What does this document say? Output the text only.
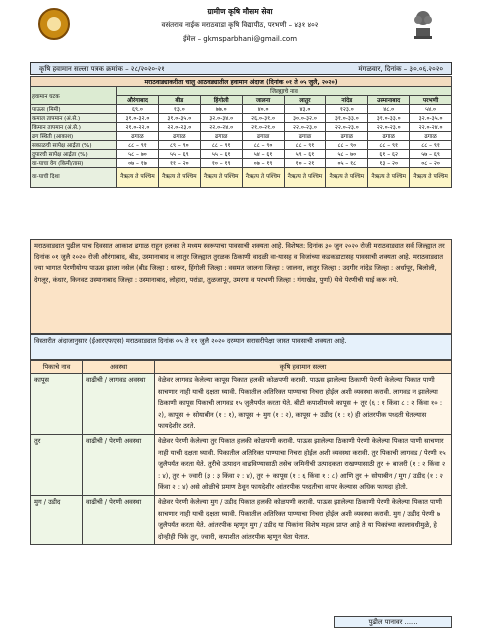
ग्रामीण कृषि मौसम सेवा
वसंतराव नाईक मराठवाडा कृषि विद्यापीठ, परभणी – ४३१ ४०२
ईमेल – gkmsparbhani@gmail.com
कृषि हवामान सल्ला पत्रक क्रमांक – २८/२०२०-२१	मंगळवार, दिनांक – ३०.०६.२०२०
मराठवाड्याकरीता चालु आठवड्यातील हवामान अंदाज (दिनांक ०१ ते ०५ जुलै, २०२०)								
हवामान घटक	जिल्ह्याचे नाव							
	औरंगाबाद	बीड	हिंगोली	जालना	लातुर	नांदेड	उस्मानाबाद	परभणी
पाऊस (मिमी)	६९.०	१३.०	७७.०	४०.०	४३.०	१२३.०	४८.०	५४.०
कमाल तापमान (अं.से.)	३१.०-३२.०	३१.०-३५.०	३२.०-३४.०	२६.०-३१.०	३०.०-३२.०	३१.०-३३.०	३१.०-३३.०	३२.०-३५.०
किमान तापमान (अं.से.)	२१.०-२२.०	२२.०-२३.०	२२.०-२४.०	२१.०-२१.०	२२.०-२३.०	२२.०-२३.०	२२.०-२३.०	२२.०-२४.०
ढग स्थिती (आकाश)	ढगाळ	ढगाळ	ढगाळ	ढगाळ	ढगाळ	ढगाळ	ढगाळ	ढगाळ
सकाळची सापेक्ष आर्द्रता (%)	८८ – ९१	८९ – ९०	८८ – ९१	८८ – ९०	८८ – ९१	८८ – ९०	८८ – ९१	८८ – ९१
दुपारची सापेक्ष आर्द्रता (%)	५८ – ७०	५५ – ६९	५५ – ६१	५४ – ६१	५९ – ६१	५८ – ७०	६१ – ६२	५७ – ६९
वा-याचा वेग (किमी/तास)	०७ – १७	११ – २०	१० – १९	०७ – १९	१० – २१	०५ – १८	१३ – २०	०८ – २०
वा-याची दिशा	नैऋत्य ते पश्चिम	नैऋत्य ते पश्चिम	नैऋत्य ते पश्चिम	नैऋत्य ते पश्चिम	नैऋत्य ते पश्चिम	नैऋत्य ते पश्चिम	नैऋत्य ते पश्चिम	नैऋत्य ते पश्चिम
मराठवाड्यात पुढील पाच दिवसात आकाश ढगाळ राहून हलका ते मध्यम स्वरूपाचा पावसाची शक्यता आहे. विशेषत: दिनांक ३० जुन २०२० रोजी मराठवाड्यात सर्व जिल्ह्यात तर दिनांक ०१ जुलै २०२० रोजी औरंगाबाद, बीड, उस्मानाबाद व लातुर जिल्ह्यात तुरळक ठिकाणी वादळी वा-यासह व विजांच्या कडकडाटासह पावसाची शक्यता आहे. मराठवाड्यात ज्या भागात पेरणीयोग्य पाऊस झाला नसेल (बीड जिल्हा : धारूर, हिंगोली जिल्हा : वसमत जालना जिल्हा : जालना, लातुर जिल्हा : उदगीर नांदेड जिल्हा : अर्धापूर, बिलोली, देगलूर, कंधार, किनवट उस्मानाबाद जिल्हा : उस्मानाबाद, लोहारा, परांडा, तुळजापूर, उमरगा व परभणी जिल्हा : गंगाखेड, पुर्णा) येथे पेरणीची घाई करू नये.
विस्तारीत अंदाजानुसार (ईआरएफएस) मराठवाड्यात दिनांक ०५ ते ११ जुलै २०२० दरम्यान सरासरीपेक्षा जास्त पावसाची शक्यता आहे.
पिकाचे नाव	अवस्था	कृषि हवामान सल्ला
कापूस	वाढीची / लागवड अवस्था	वेळेवर लागवड केलेल्या कापूस पिकात हलकी कोळपणी करावी. पाऊस झालेल्या ठिकाणी पेरणी केलेल्या पिकात पाणी साचणार नाही याची दक्षता घ्यावी. पिकातील अतिरिक्त पाण्याचा निचरा होईल अशी व्यवस्था करावी. लागवड न झालेल्या ठिकाणी कापूस पिकाची लागवड १५ जुलैपर्यंत करता येते. बीटी कपाशीमध्ये कापूस + तूर (६ : १ किंवा ८ : २ किंवा १० : २), कापूस + सोयाबीन (१ : १), कापूस + मुग (१ : २), कापूस + उडीद (१ : १) ही आंतरपीक पध्दती घेतल्यास फायदेशीर ठरते.
तुर	वाढीची / पेरणी अवस्था	वेळेवर पेरणी केलेल्या तुर पिकात हलकी कोळपणी करावी. पाऊस झालेल्या ठिकाणी पेरणी केलेल्या पिकात पाणी साचणार नाही याची दक्षता घ्यावी. पिकातील अतिरिक्त पाण्याचा निचरा होईल अशी व्यवस्था करावी. तुर पिकाची लागवड / पेरणी १५ जुलैपर्यंत करता येते. तुरीचे उत्पादन वाढविण्यासाठी तसेच जमिनीची उत्पादकता राखण्यासाठी तुर + बाजरी (१ : २ किंवा २ : ४), तुर + ज्वारी (३ : ३ किंवा २ : ४), तुर + कापूस (१ : ६ किंवा १ : ८) आणि तुर + सोयाबीन / मुग / उडीद (१ : २ किंवा २ : ४) असे ओळीचे प्रमाण ठेवून फायदेशीर आंतरपीक पध्दतीचा वापर केल्यास अधिक फायदा होतो.
मुग / उडीद	वाढीची / पेरणी अवस्था	वेळेवर पेरणी केलेल्या मुग / उडीद पिकात हलकी कोळपणी करावी. पाऊस झालेल्या ठिकाणी पेरणी केलेल्या पिकात पाणी साचणार नाही याची दक्षता घ्यावी. पिकातील अतिरिक्त पाण्याचा निचरा होईल अशी व्यवस्था करावी. मुग / उडीद पेरणी ७ जुलैपर्यंत करता येते. आंतरपीक म्हणून मुग / उडीद या पिकांना विशेष महत्व प्राप्त आहे ते या पिकांच्या कालावधीमुळे, हे दोन्हीही पिके तुर, ज्वारी, कपाशीत आंतरपीक म्हणून घेता येतात.
पुढील पानावर ......
